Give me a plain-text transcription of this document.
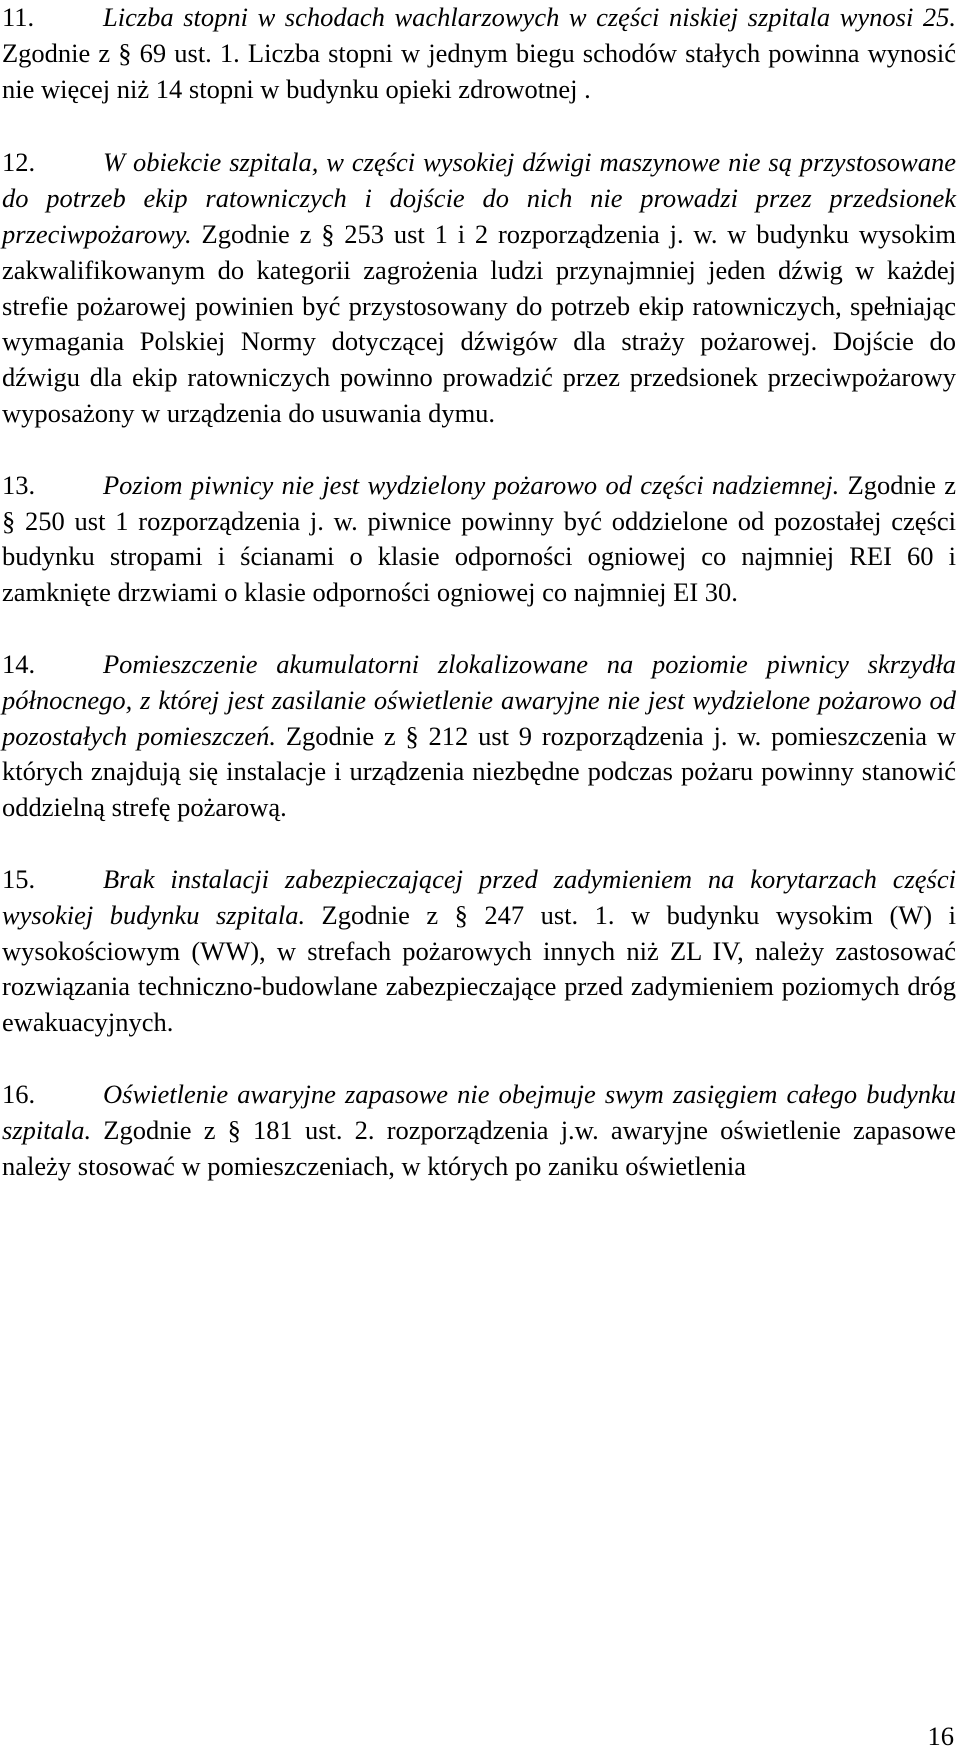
11.	Liczba stopni w schodach wachlarzowych w części niskiej szpitala wynosi 25. Zgodnie z § 69 ust. 1. Liczba stopni w jednym biegu schodów stałych powinna wynosić nie więcej niż 14 stopni w budynku opieki zdrowotnej .

12.	W obiekcie szpitala, w części wysokiej dźwigi maszynowe nie są przystosowane do potrzeb ekip ratowniczych i dojście do nich nie prowadzi przez przedsionek przeciwpożarowy. Zgodnie z § 253 ust 1 i 2 rozporządzenia j. w. w budynku wysokim zakwalifikowanym do kategorii zagrożenia ludzi przynajmniej jeden dźwig w każdej strefie pożarowej powinien być przystosowany do potrzeb ekip ratowniczych, spełniając wymagania Polskiej Normy dotyczącej dźwigów dla straży pożarowej. Dojście do dźwigu dla ekip ratowniczych powinno prowadzić przez przedsionek przeciwpożarowy wyposażony w urządzenia do usuwania dymu.

13.	Poziom piwnicy nie jest wydzielony pożarowo od części nadziemnej. Zgodnie z § 250 ust 1 rozporządzenia j. w. piwnice powinny być oddzielone od pozostałej części budynku stropami i ścianami o klasie odporności ogniowej co najmniej REI 60 i zamknięte drzwiami o klasie odporności ogniowej co najmniej EI 30.

14.	Pomieszczenie akumulatorni zlokalizowane na poziomie piwnicy skrzydła północnego, z której jest zasilanie oświetlenie awaryjne nie jest wydzielone pożarowo od pozostałych pomieszczeń. Zgodnie z § 212 ust 9 rozporządzenia j. w. pomieszczenia w których znajdują się instalacje i urządzenia niezbędne podczas pożaru powinny stanowić oddzielną strefę pożarową.

15.	Brak instalacji zabezpieczającej przed zadymieniem na korytarzach części wysokiej budynku szpitala. Zgodnie z § 247 ust. 1. w budynku wysokim (W) i wysokościowym (WW), w strefach pożarowych innych niż ZL IV, należy zastosować rozwiązania techniczno-budowlane zabezpieczające przed zadymieniem poziomych dróg ewakuacyjnych.

16.	Oświetlenie awaryjne zapasowe nie obejmuje swym zasięgiem całego budynku szpitala. Zgodnie z § 181 ust. 2. rozporządzenia j.w. awaryjne oświetlenie zapasowe należy stosować w pomieszczeniach, w których po zaniku oświetlenia

16
